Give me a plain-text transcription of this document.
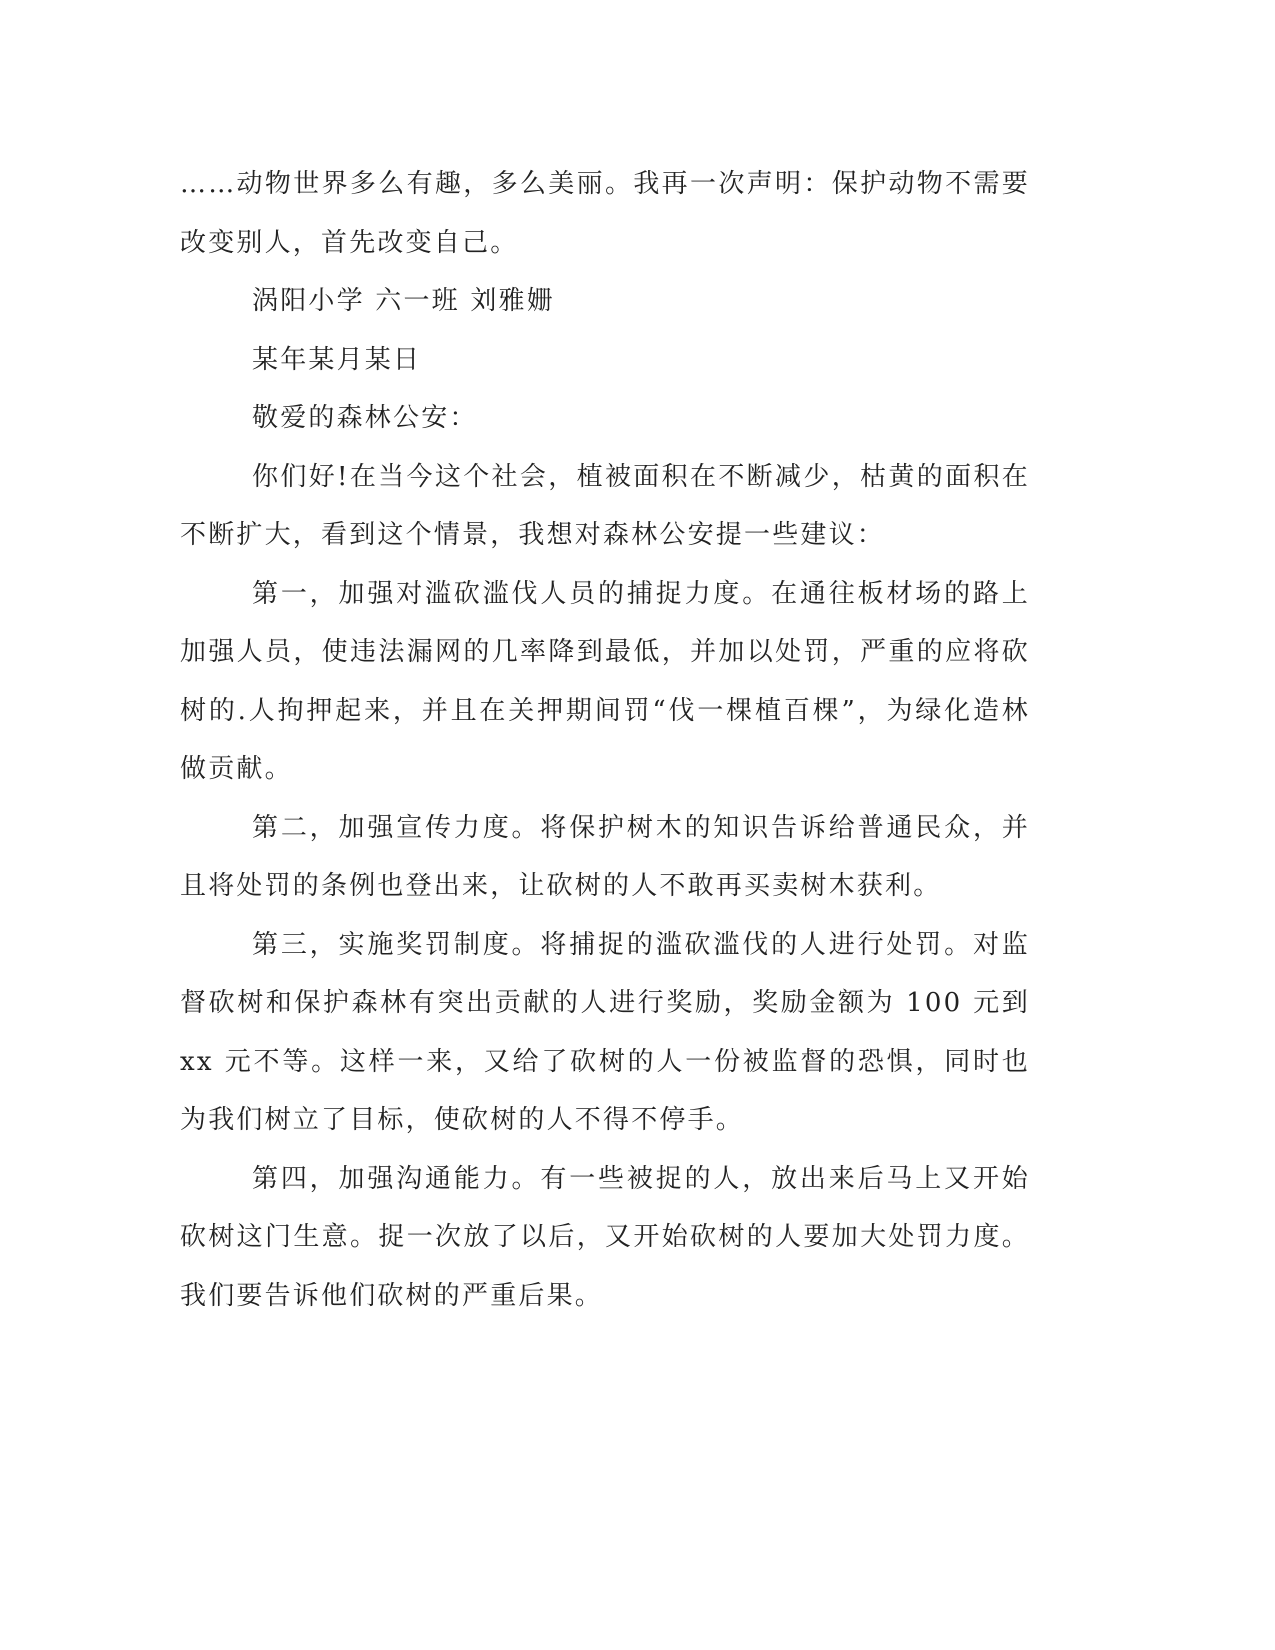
……动物世界多么有趣，多么美丽。我再一次声明：保护动物不需要改变别人，首先改变自己。

涡阳小学 六一班 刘雅姗

某年某月某日

敬爱的森林公安：

你们好!在当今这个社会，植被面积在不断减少，枯黄的面积在不断扩大，看到这个情景，我想对森林公安提一些建议：

第一，加强对滥砍滥伐人员的捕捉力度。在通往板材场的路上加强人员，使违法漏网的几率降到最低，并加以处罚，严重的应将砍树的.人拘押起来，并且在关押期间罚“伐一棵植百棵”，为绿化造林做贡献。

第二，加强宣传力度。将保护树木的知识告诉给普通民众，并且将处罚的条例也登出来，让砍树的人不敢再买卖树木获利。

第三，实施奖罚制度。将捕捉的滥砍滥伐的人进行处罚。对监督砍树和保护森林有突出贡献的人进行奖励，奖励金额为 100 元到 xx 元不等。这样一来，又给了砍树的人一份被监督的恐惧，同时也为我们树立了目标，使砍树的人不得不停手。

第四，加强沟通能力。有一些被捉的人，放出来后马上又开始砍树这门生意。捉一次放了以后，又开始砍树的人要加大处罚力度。我们要告诉他们砍树的严重后果。
